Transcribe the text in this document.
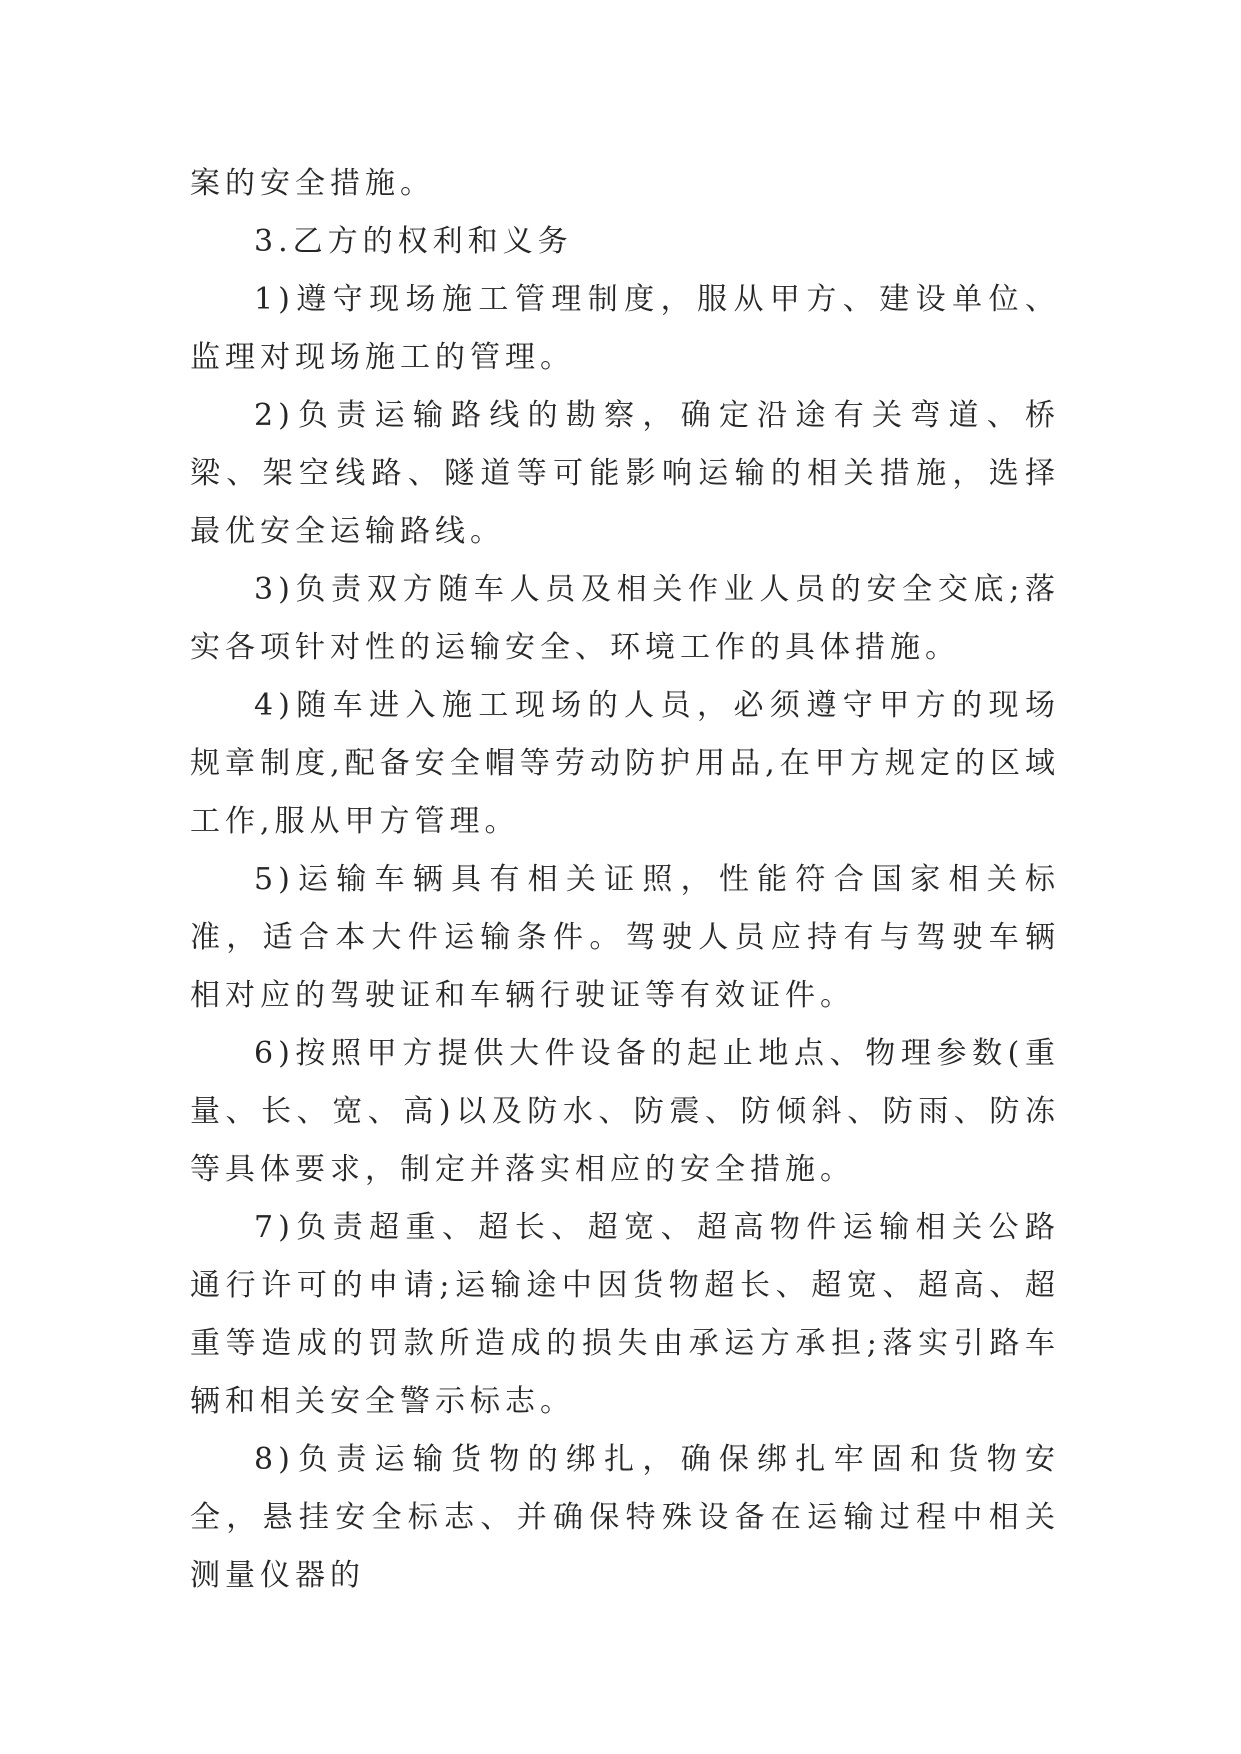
案的安全措施。

3.乙方的权利和义务

1)遵守现场施工管理制度，服从甲方、建设单位、监理对现场施工的管理。

2)负责运输路线的勘察，确定沿途有关弯道、桥梁、架空线路、隧道等可能影响运输的相关措施，选择最优安全运输路线。

3)负责双方随车人员及相关作业人员的安全交底;落实各项针对性的运输安全、环境工作的具体措施。

4)随车进入施工现场的人员，必须遵守甲方的现场规章制度,配备安全帽等劳动防护用品,在甲方规定的区域工作,服从甲方管理。

5)运输车辆具有相关证照，性能符合国家相关标准，适合本大件运输条件。驾驶人员应持有与驾驶车辆相对应的驾驶证和车辆行驶证等有效证件。

6)按照甲方提供大件设备的起止地点、物理参数(重量、长、宽、高)以及防水、防震、防倾斜、防雨、防冻等具体要求，制定并落实相应的安全措施。

7)负责超重、超长、超宽、超高物件运输相关公路通行许可的申请;运输途中因货物超长、超宽、超高、超重等造成的罚款所造成的损失由承运方承担;落实引路车辆和相关安全警示标志。

8)负责运输货物的绑扎，确保绑扎牢固和货物安全，悬挂安全标志、并确保特殊设备在运输过程中相关测量仪器的
